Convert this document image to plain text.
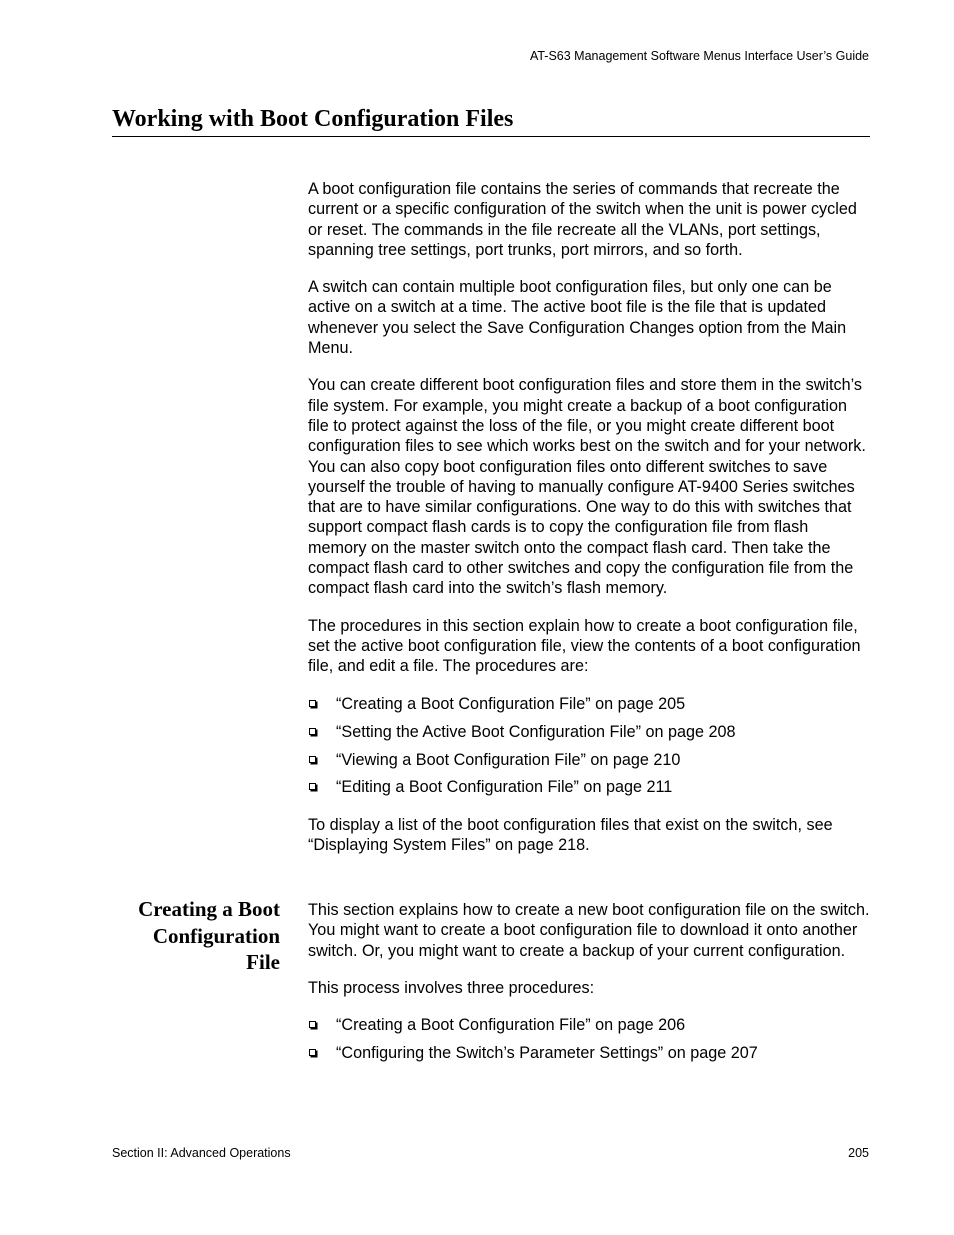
AT-S63 Management Software Menus Interface User’s Guide
Working with Boot Configuration Files

A boot configuration file contains the series of commands that recreate the current or a specific configuration of the switch when the unit is power cycled or reset. The commands in the file recreate all the VLANs, port settings, spanning tree settings, port trunks, port mirrors, and so forth.

A switch can contain multiple boot configuration files, but only one can be active on a switch at a time. The active boot file is the file that is updated whenever you select the Save Configuration Changes option from the Main Menu.

You can create different boot configuration files and store them in the switch’s file system. For example, you might create a backup of a boot configuration file to protect against the loss of the file, or you might create different boot configuration files to see which works best on the switch and for your network. You can also copy boot configuration files onto different switches to save yourself the trouble of having to manually configure AT-9400 Series switches that are to have similar configurations. One way to do this with switches that support compact flash cards is to copy the configuration file from flash memory on the master switch onto the compact flash card. Then take the compact flash card to other switches and copy the configuration file from the compact flash card into the switch’s flash memory.

The procedures in this section explain how to create a boot configuration file, set the active boot configuration file, view the contents of a boot configuration file, and edit a file. The procedures are:

“Creating a Boot Configuration File” on page 205
“Setting the Active Boot Configuration File” on page 208
“Viewing a Boot Configuration File” on page 210
“Editing a Boot Configuration File” on page 211

To display a list of the boot configuration files that exist on the switch, see “Displaying System Files” on page 218.

Creating a Boot
Configuration
File

This section explains how to create a new boot configuration file on the switch. You might want to create a boot configuration file to download it onto another switch. Or, you might want to create a backup of your current configuration.

This process involves three procedures:

“Creating a Boot Configuration File” on page 206
“Configuring the Switch’s Parameter Settings” on page 207
Section II: Advanced Operations	205
